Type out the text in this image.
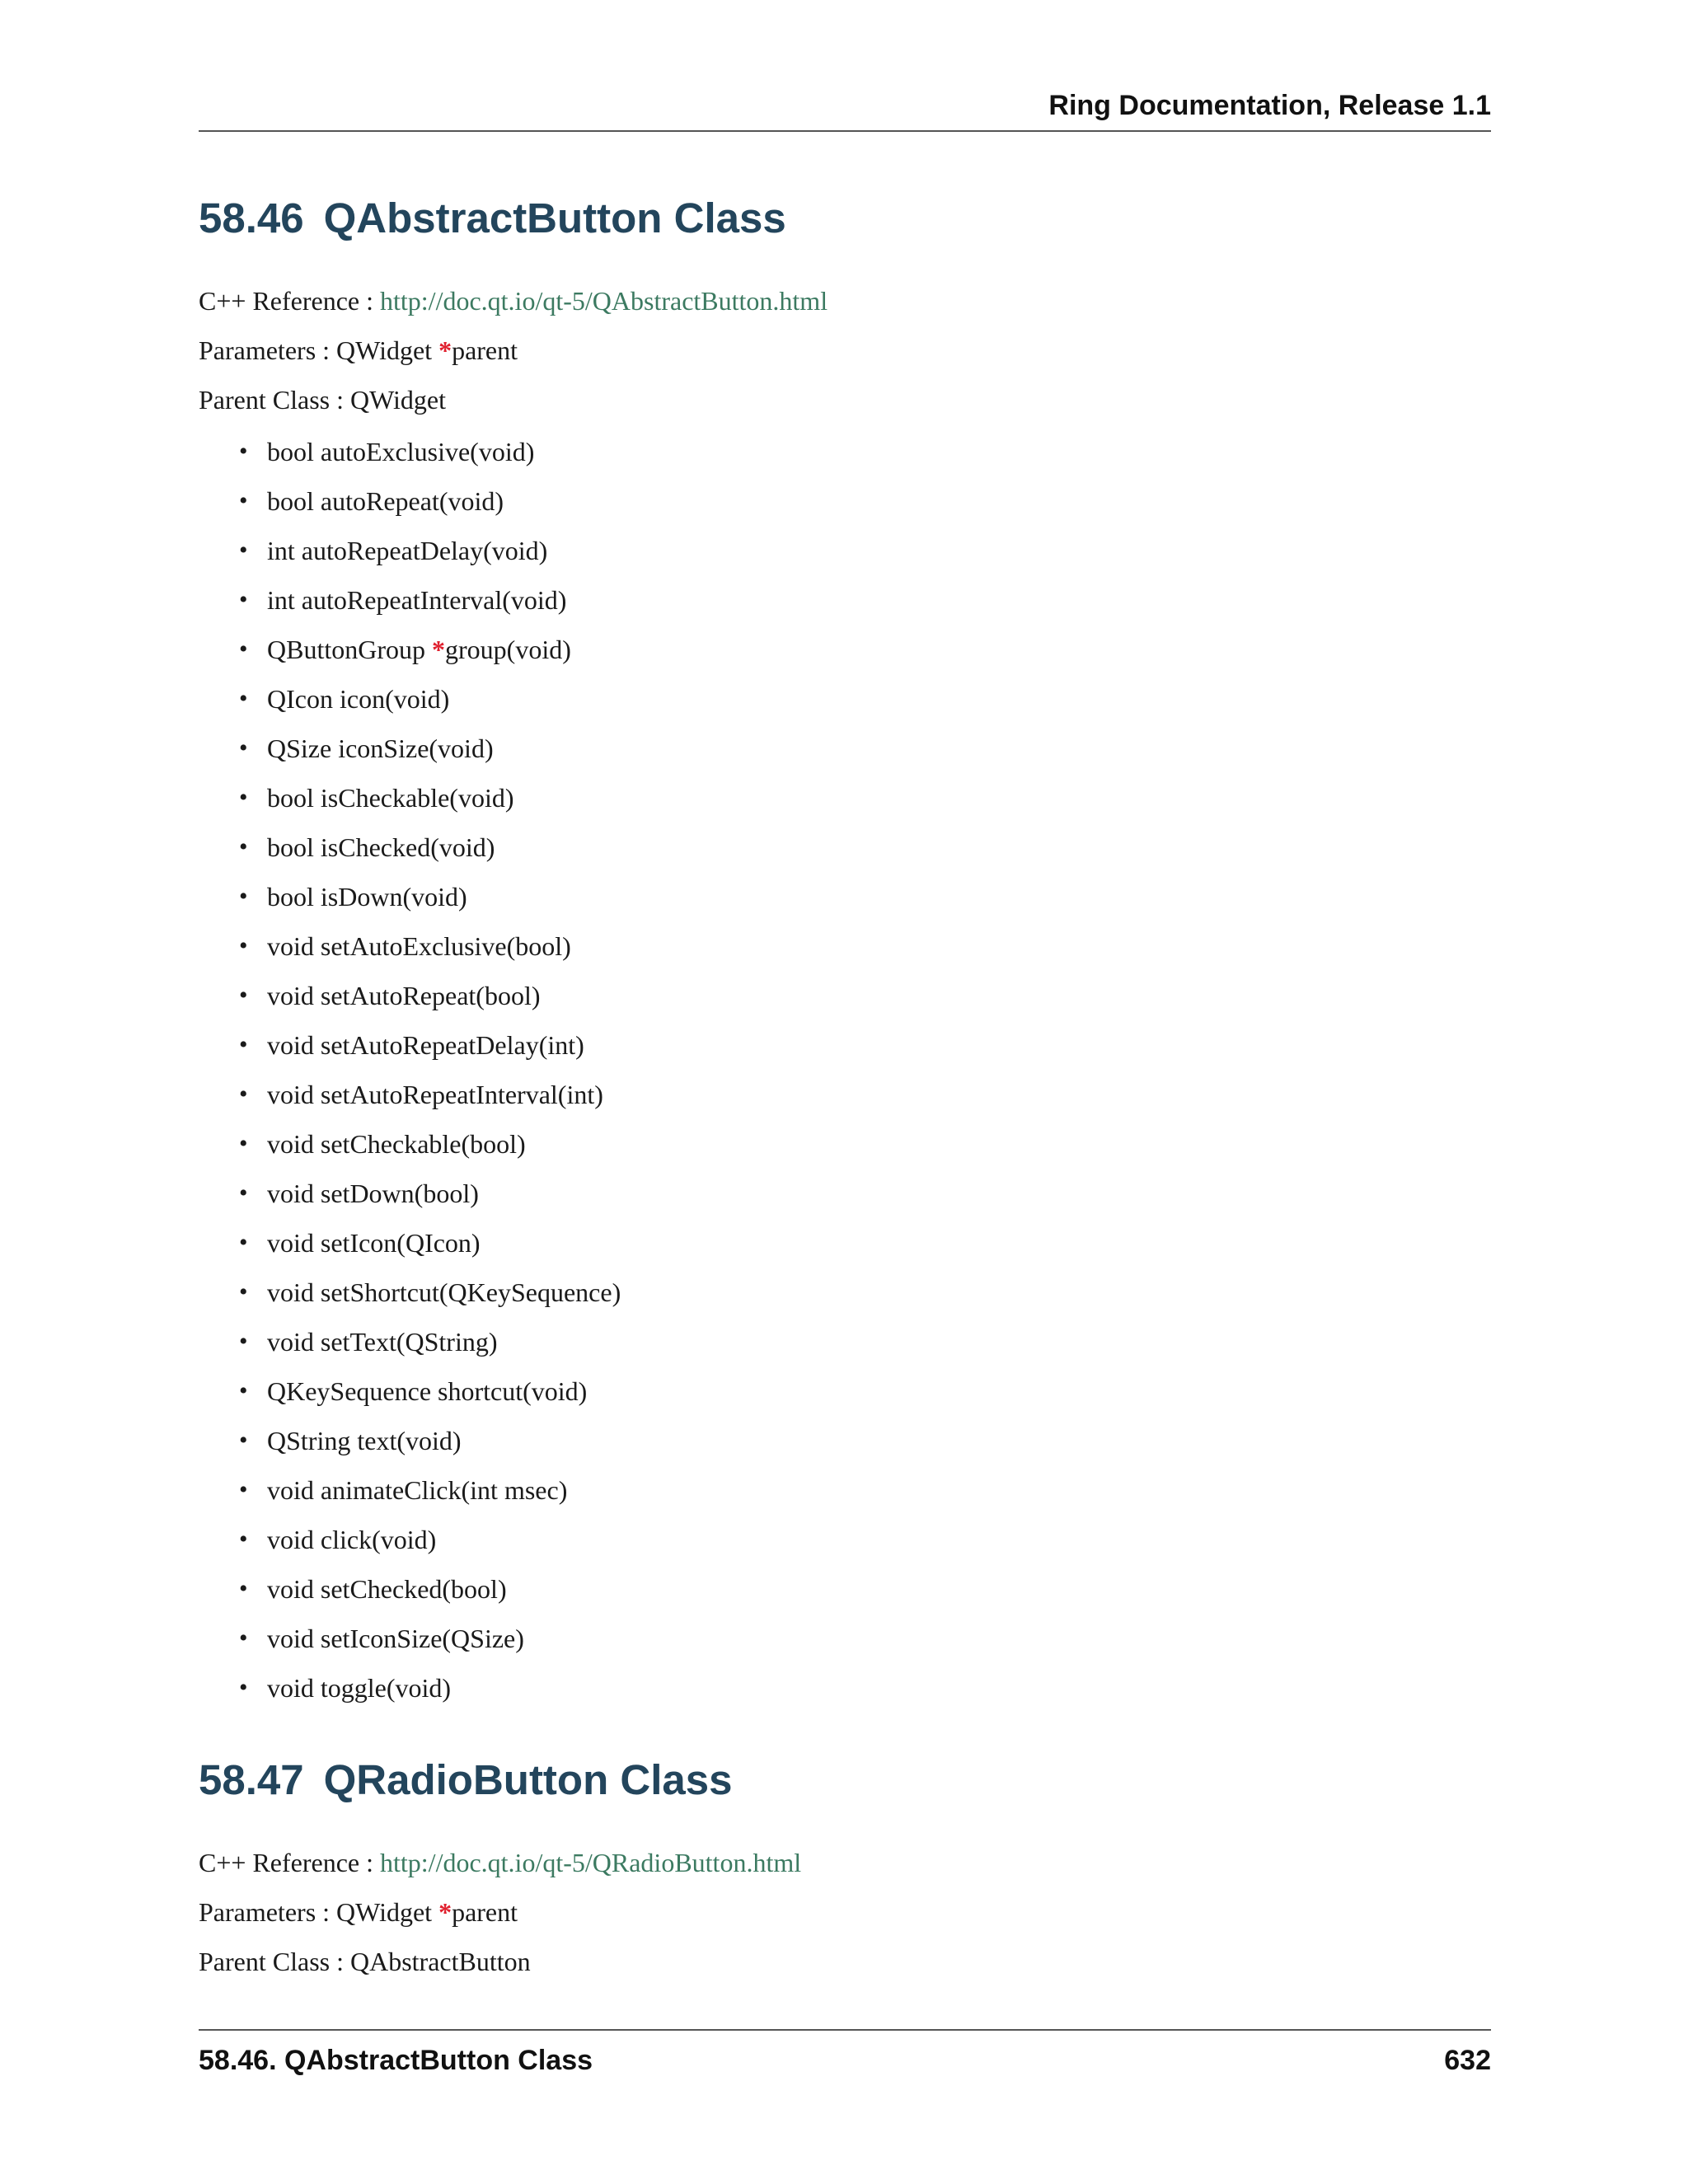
Ring Documentation, Release 1.1
58.46 QAbstractButton Class
C++ Reference : http://doc.qt.io/qt-5/QAbstractButton.html
Parameters : QWidget *parent
Parent Class : QWidget
• bool autoExclusive(void)
• bool autoRepeat(void)
• int autoRepeatDelay(void)
• int autoRepeatInterval(void)
• QButtonGroup *group(void)
• QIcon icon(void)
• QSize iconSize(void)
• bool isCheckable(void)
• bool isChecked(void)
• bool isDown(void)
• void setAutoExclusive(bool)
• void setAutoRepeat(bool)
• void setAutoRepeatDelay(int)
• void setAutoRepeatInterval(int)
• void setCheckable(bool)
• void setDown(bool)
• void setIcon(QIcon)
• void setShortcut(QKeySequence)
• void setText(QString)
• QKeySequence shortcut(void)
• QString text(void)
• void animateClick(int msec)
• void click(void)
• void setChecked(bool)
• void setIconSize(QSize)
• void toggle(void)
58.47 QRadioButton Class
C++ Reference : http://doc.qt.io/qt-5/QRadioButton.html
Parameters : QWidget *parent
Parent Class : QAbstractButton
58.46. QAbstractButton Class	632
